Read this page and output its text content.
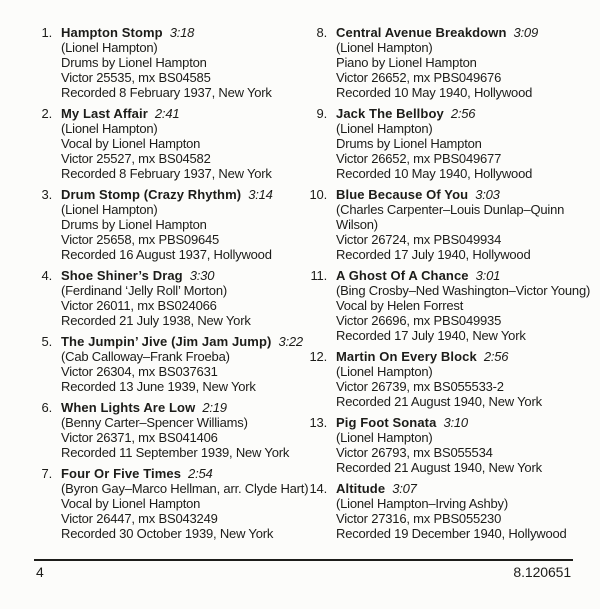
1. Hampton Stomp 3:18
(Lionel Hampton)
Drums by Lionel Hampton
Victor 25535, mx BS04585
Recorded 8 February 1937, New York
2. My Last Affair 2:41
(Lionel Hampton)
Vocal by Lionel Hampton
Victor 25527, mx BS04582
Recorded 8 February 1937, New York
3. Drum Stomp (Crazy Rhythm) 3:14
(Lionel Hampton)
Drums by Lionel Hampton
Victor 25658, mx PBS09645
Recorded 16 August 1937, Hollywood
4. Shoe Shiner’s Drag 3:30
(Ferdinand ‘Jelly Roll’ Morton)
Victor 26011, mx BS024066
Recorded 21 July 1938, New York
5. The Jumpin’ Jive (Jim Jam Jump) 3:22
(Cab Calloway–Frank Froeba)
Victor 26304, mx BS037631
Recorded 13 June 1939, New York
6. When Lights Are Low 2:19
(Benny Carter–Spencer Williams)
Victor 26371, mx BS041406
Recorded 11 September 1939, New York
7. Four Or Five Times 2:54
(Byron Gay–Marco Hellman, arr. Clyde Hart)
Vocal by Lionel Hampton
Victor 26447, mx BS043249
Recorded 30 October 1939, New York
8. Central Avenue Breakdown 3:09
(Lionel Hampton)
Piano by Lionel Hampton
Victor 26652, mx PBS049676
Recorded 10 May 1940, Hollywood
9. Jack The Bellboy 2:56
(Lionel Hampton)
Drums by Lionel Hampton
Victor 26652, mx PBS049677
Recorded 10 May 1940, Hollywood
10. Blue Because Of You 3:03
(Charles Carpenter–Louis Dunlap–Quinn
Wilson)
Victor 26724, mx PBS049934
Recorded 17 July 1940, Hollywood
11. A Ghost Of A Chance 3:01
(Bing Crosby–Ned Washington–Victor Young)
Vocal by Helen Forrest
Victor 26696, mx PBS049935
Recorded 17 July 1940, New York
12. Martin On Every Block 2:56
(Lionel Hampton)
Victor 26739, mx BS055533-2
Recorded 21 August 1940, New York
13. Pig Foot Sonata 3:10
(Lionel Hampton)
Victor 26793, mx BS055534
Recorded 21 August 1940, New York
14. Altitude 3:07
(Lionel Hampton–Irving Ashby)
Victor 27316, mx PBS055230
Recorded 19 December 1940, Hollywood
4	8.120651
